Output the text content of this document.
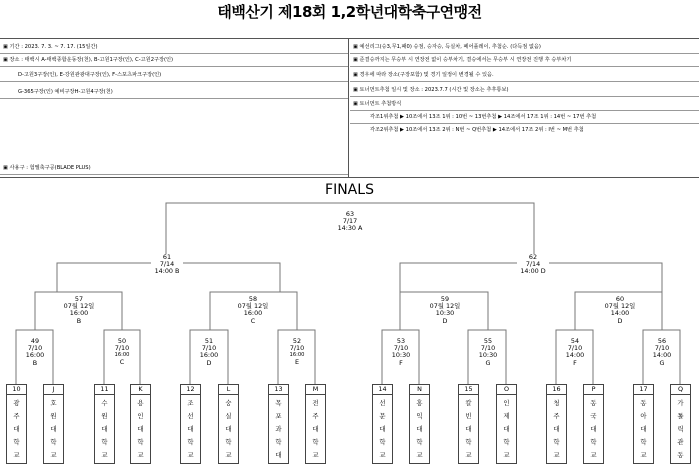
태백산기 제18회 1,2학년대학축구연맹전
▣ 기간 : 2023. 7. 3. ~ 7. 17. (15일간)
▣ 장소 : 태백시 A-태백종합운동장(천), B-고원1구장(인), C-고원2구장(인)
D-고원3구장(인), E-강원관광대구장(인), F-스포츠파크구장(인)
G-365구장(인) 예비구장H-고원4구장(천)
▣ 사용구 : 험멜축구공(BLADE PLUS)
▣ 예선리그(승3,무1,패0) 승점, 승자승, 득실차, 페어플레이, 추첨순. (다득점 없음)
▣ 준결승까지는 무승부 시 연장전 없이 승부차기, 결승에서는 무승부 시 연장전 진행 후 승부차기
▣ 경우에 따라 장소(구장포함) 및 경기 일정이 변경될 수 있음.
▣ 토너먼트추첨 일시 및 장소 : 2023.7.7 (시간 및 장소는 추후통보)
▣ 토너먼트 추첨방식
각조1위추첨 ▶ 10조에서 13조 1위 : 10번 ~ 13번추첨 ▶ 14조에서 17조 1위 : 14번 ~ 17번 추첨
각조2위추첨 ▶ 10조에서 13조 2위 : N번 ~ Q번추첨 ▶ 14조에서 17조 2위 : I번 ~ M번 추첨
FINALS
63
7/17
14:30 A
61
7/14
14:00 B
62
7/14
14:00 D
57
07월 12일
16:00
B
58
07월 12일
16:00
C
59
07월 12일
10:30
D
60
07월 12일
14:00
D
49
7/10
16:00
B
50
7/10
16:00
C
51
7/10
16:00
D
52
7/10
16:00
E
53
7/10
10:30
F
55
7/10
10:30
G
54
7/10
14:00
F
56
7/10
14:00
G
10
광
주
대
학
교
J
호
원
대
학
교
11
수
원
대
학
교
K
용
인
대
학
교
12
조
선
대
학
교
L
숭
실
대
학
교
13
목
포
과
학
대
M
전
주
대
학
교
14
선
문
대
학
교
N
홍
익
대
학
교
15
칼
빈
대
학
교
O
인
제
대
학
교
16
청
주
대
학
교
P
동
국
대
학
교
17
동
아
대
학
교
Q
가
톨
릭
관
동
